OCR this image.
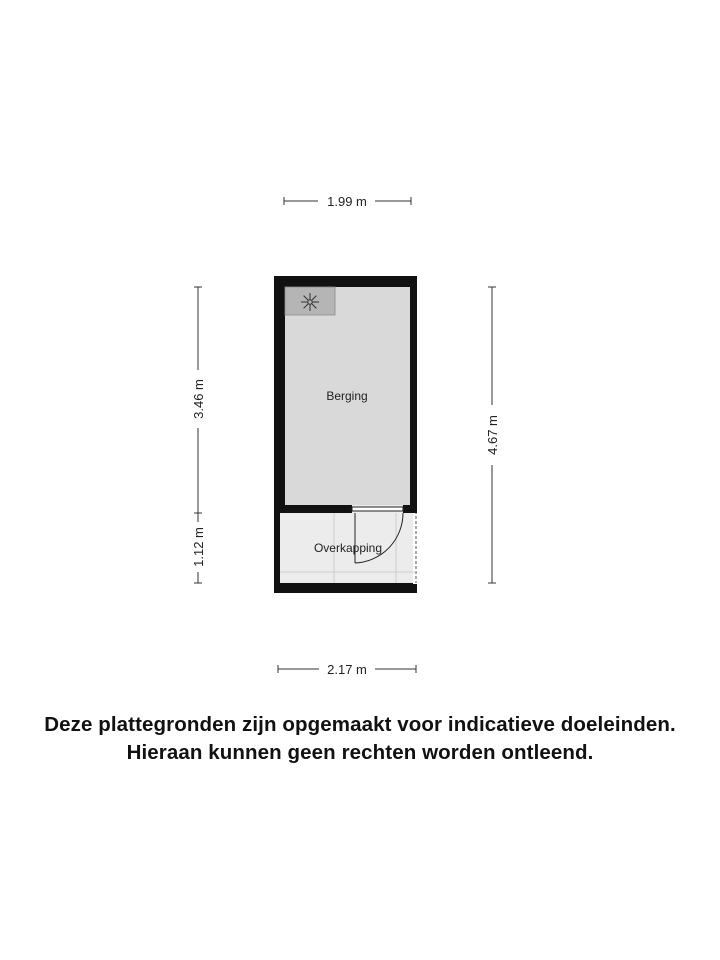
1.99 m
3.46 m
1.12 m
4.67 m
2.17 m
Berging
Overkapping
Deze plattegronden zijn opgemaakt voor indicatieve doeleinden.
Hieraan kunnen geen rechten worden ontleend.
